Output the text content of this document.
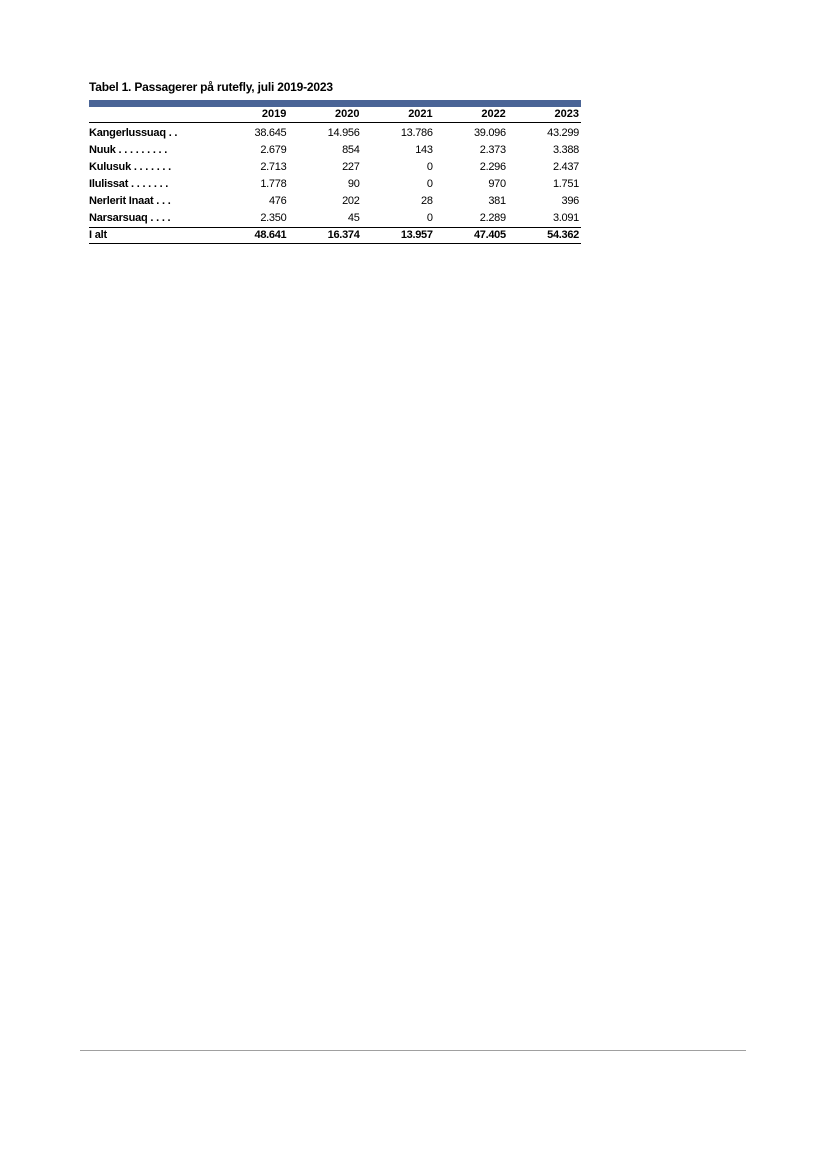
Tabel 1. Passagerer på rutefly, juli 2019-2023

	2019	2020	2021	2022	2023
Kangerlussuaq . .	38.645	14.956	13.786	39.096	43.299
Nuuk . . . . . . . . .	2.679	854	143	2.373	3.388
Kulusuk . . . . . . .	2.713	227	0	2.296	2.437
Ilulissat . . . . . . .	1.778	90	0	970	1.751
Nerlerit Inaat . . .	476	202	28	381	396
Narsarsuaq . . . .	2.350	45	0	2.289	3.091
I alt	48.641	16.374	13.957	47.405	54.362
